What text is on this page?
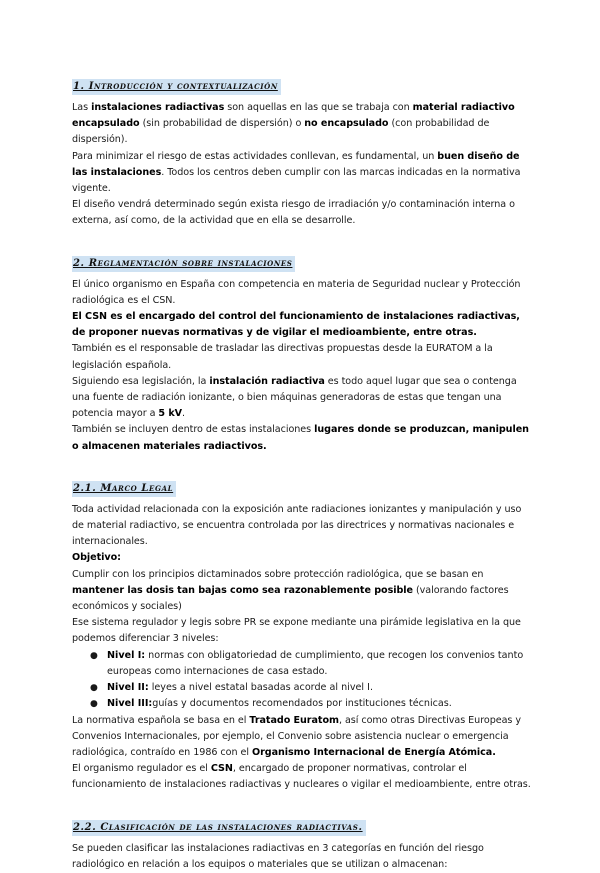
1. Introducción y contextualización

Las instalaciones radiactivas son aquellas en las que se trabaja con material radiactivo encapsulado (sin probabilidad de dispersión) o no encapsulado (con probabilidad de dispersión).

Para minimizar el riesgo de estas actividades conllevan, es fundamental, un buen diseño de las instalaciones. Todos los centros deben cumplir con las marcas indicadas en la normativa vigente.

El diseño vendrá determinado según exista riesgo de irradiación y/o contaminación interna o externa, así como, de la actividad que en ella se desarrolle.

2. Reglamentación sobre instalaciones

El único organismo en España con competencia en materia de Seguridad nuclear y Protección radiológica es el CSN.

El CSN es el encargado del control del funcionamiento de instalaciones radiactivas, de proponer nuevas normativas y de vigilar el medioambiente, entre otras.

También es el responsable de trasladar las directivas propuestas desde la EURATOM a la legislación española.

Siguiendo esa legislación, la instalación radiactiva es todo aquel lugar que sea o contenga una fuente de radiación ionizante, o bien máquinas generadoras de estas que tengan una potencia mayor a 5 kV.

También se incluyen dentro de estas instalaciones lugares donde se produzcan, manipulen o almacenen materiales radiactivos.

2.1. Marco Legal

Toda actividad relacionada con la exposición ante radiaciones ionizantes y manipulación y uso de material radiactivo, se encuentra controlada por las directrices y normativas nacionales e internacionales.

Objetivo:

Cumplir con los principios dictaminados sobre protección radiológica, que se basan en mantener las dosis tan bajas como sea razonablemente posible (valorando factores económicos y sociales)

Ese sistema regulador y legis sobre PR se expone mediante una pirámide legislativa en la que podemos diferenciar 3 niveles:

● Nivel I: normas con obligatoriedad de cumplimiento, que recogen los convenios tanto europeas como internaciones de casa estado.
● Nivel II: leyes a nivel estatal basadas acorde al nivel I.
● Nivel III:guías y documentos recomendados por instituciones técnicas.

La normativa española se basa en el Tratado Euratom, así como otras Directivas Europeas y Convenios Internacionales, por ejemplo, el Convenio sobre asistencia nuclear o emergencia radiológica, contraído en 1986 con el Organismo Internacional de Energía Atómica.

El organismo regulador es el CSN, encargado de proponer normativas, controlar el funcionamiento de instalaciones radiactivas y nucleares o vigilar el medioambiente, entre otras.

2.2. Clasificación de las instalaciones radiactivas.

Se pueden clasificar las instalaciones radiactivas en 3 categorías en función del riesgo radiológico en relación a los equipos o materiales que se utilizan o almacenan:
